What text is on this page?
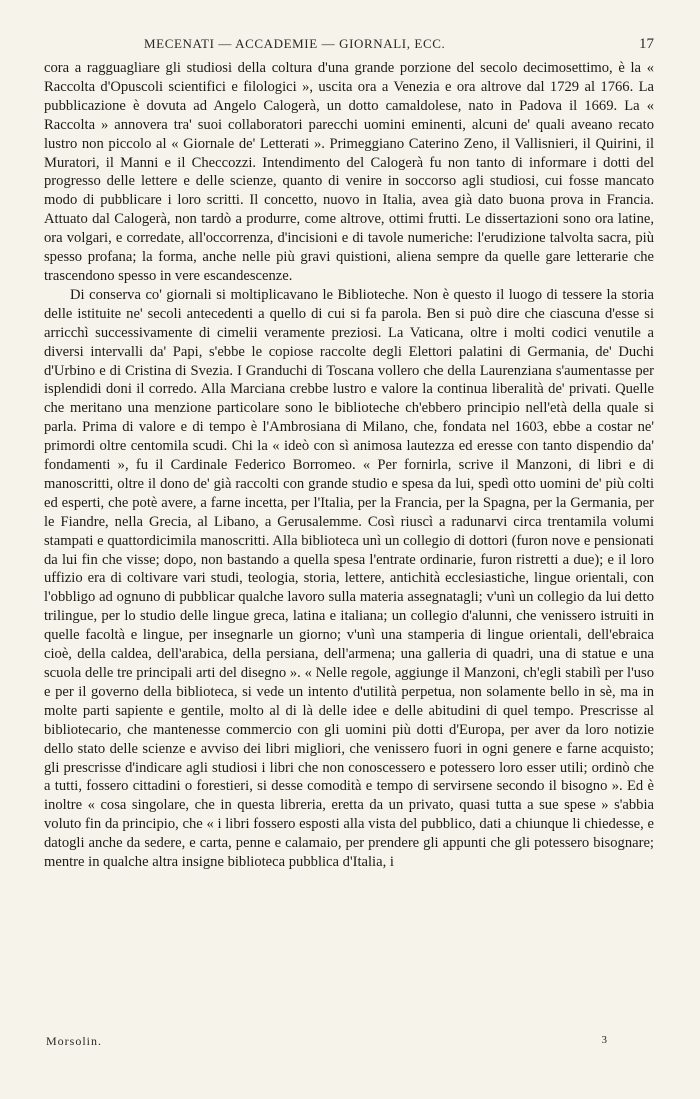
MECENATI — ACCADEMIE — GIORNALI, ECC.	17

cora a ragguagliare gli studiosi della coltura d'una grande porzione del secolo decimosettimo, è la « Raccolta d'Opuscoli scientifici e filologici », uscita ora a Venezia e ora altrove dal 1729 al 1766. La pubblicazione è dovuta ad Angelo Calogerà, un dotto camaldolese, nato in Padova il 1669. La « Raccolta » annovera tra' suoi collaboratori parecchi uomini eminenti, alcuni de' quali aveano recato lustro non piccolo al « Giornale de' Letterati ». Primeggiano Caterino Zeno, il Vallisnieri, il Quirini, il Muratori, il Manni e il Checcozzi. Intendimento del Calogerà fu non tanto di informare i dotti del progresso delle lettere e delle scienze, quanto di venire in soccorso agli studiosi, cui fosse mancato modo di pubblicare i loro scritti. Il concetto, nuovo in Italia, avea già dato buona prova in Francia. Attuato dal Calogerà, non tardò a produrre, come altrove, ottimi frutti. Le dissertazioni sono ora latine, ora volgari, e corredate, all'occorrenza, d'incisioni e di tavole numeriche: l'erudizione talvolta sacra, più spesso profana; la forma, anche nelle più gravi quistioni, aliena sempre da quelle gare letterarie che trascendono spesso in vere escandescenze.

Di conserva co' giornali si moltiplicavano le Biblioteche. Non è questo il luogo di tessere la storia delle istituite ne' secoli antecedenti a quello di cui si fa parola. Ben si può dire che ciascuna d'esse si arricchì successivamente di cimelii veramente preziosi. La Vaticana, oltre i molti codici venutile a diversi intervalli da' Papi, s'ebbe le copiose raccolte degli Elettori palatini di Germania, de' Duchi d'Urbino e di Cristina di Svezia. I Granduchi di Toscana vollero che della Laurenziana s'aumentasse per isplendidi doni il corredo. Alla Marciana crebbe lustro e valore la continua liberalità de' privati. Quelle che meritano una menzione particolare sono le biblioteche ch'ebbero principio nell'età della quale si parla. Prima di valore e di tempo è l'Ambrosiana di Milano, che, fondata nel 1603, ebbe a costar ne' primordi oltre centomila scudi. Chi la « ideò con sì animosa lautezza ed eresse con tanto dispendio da' fondamenti », fu il Cardinale Federico Borromeo. « Per fornirla, scrive il Manzoni, di libri e di manoscritti, oltre il dono de' già raccolti con grande studio e spesa da lui, spedì otto uomini de' più colti ed esperti, che potè avere, a farne incetta, per l'Italia, per la Francia, per la Spagna, per la Germania, per le Fiandre, nella Grecia, al Libano, a Gerusalemme. Così riuscì a radunarvi circa trentamila volumi stampati e quattordicimila manoscritti. Alla biblioteca unì un collegio di dottori (furon nove e pensionati da lui fin che visse; dopo, non bastando a quella spesa l'entrate ordinarie, furon ristretti a due); e il loro uffizio era di coltivare vari studi, teologia, storia, lettere, antichità ecclesiastiche, lingue orientali, con l'obbligo ad ognuno di pubblicar qualche lavoro sulla materia assegnatagli; v'unì un collegio da lui detto trilingue, per lo studio delle lingue greca, latina e italiana; un collegio d'alunni, che venissero istruiti in quelle facoltà e lingue, per insegnarle un giorno; v'unì una stamperia di lingue orientali, dell'ebraica cioè, della caldea, dell'arabica, della persiana, dell'armena; una galleria di quadri, una di statue e una scuola delle tre principali arti del disegno ». « Nelle regole, aggiunge il Manzoni, ch'egli stabilì per l'uso e per il governo della biblioteca, si vede un intento d'utilità perpetua, non solamente bello in sè, ma in molte parti sapiente e gentile, molto al di là delle idee e delle abitudini di quel tempo. Prescrisse al bibliotecario, che mantenesse commercio con gli uomini più dotti d'Europa, per aver da loro notizie dello stato delle scienze e avviso dei libri migliori, che venissero fuori in ogni genere e farne acquisto; gli prescrisse d'indicare agli studiosi i libri che non conoscessero e potessero loro esser utili; ordinò che a tutti, fossero cittadini o forestieri, si desse comodità e tempo di servirsene secondo il bisogno ». Ed è inoltre « cosa singolare, che in questa libreria, eretta da un privato, quasi tutta a sue spese » s'abbia voluto fin da principio, che « i libri fossero esposti alla vista del pubblico, dati a chiunque li chiedesse, e datogli anche da sedere, e carta, penne e calamaio, per prendere gli appunti che gli potessero bisognare; mentre in qualche altra insigne biblioteca pubblica d'Italia, i

Morsolin.	3
